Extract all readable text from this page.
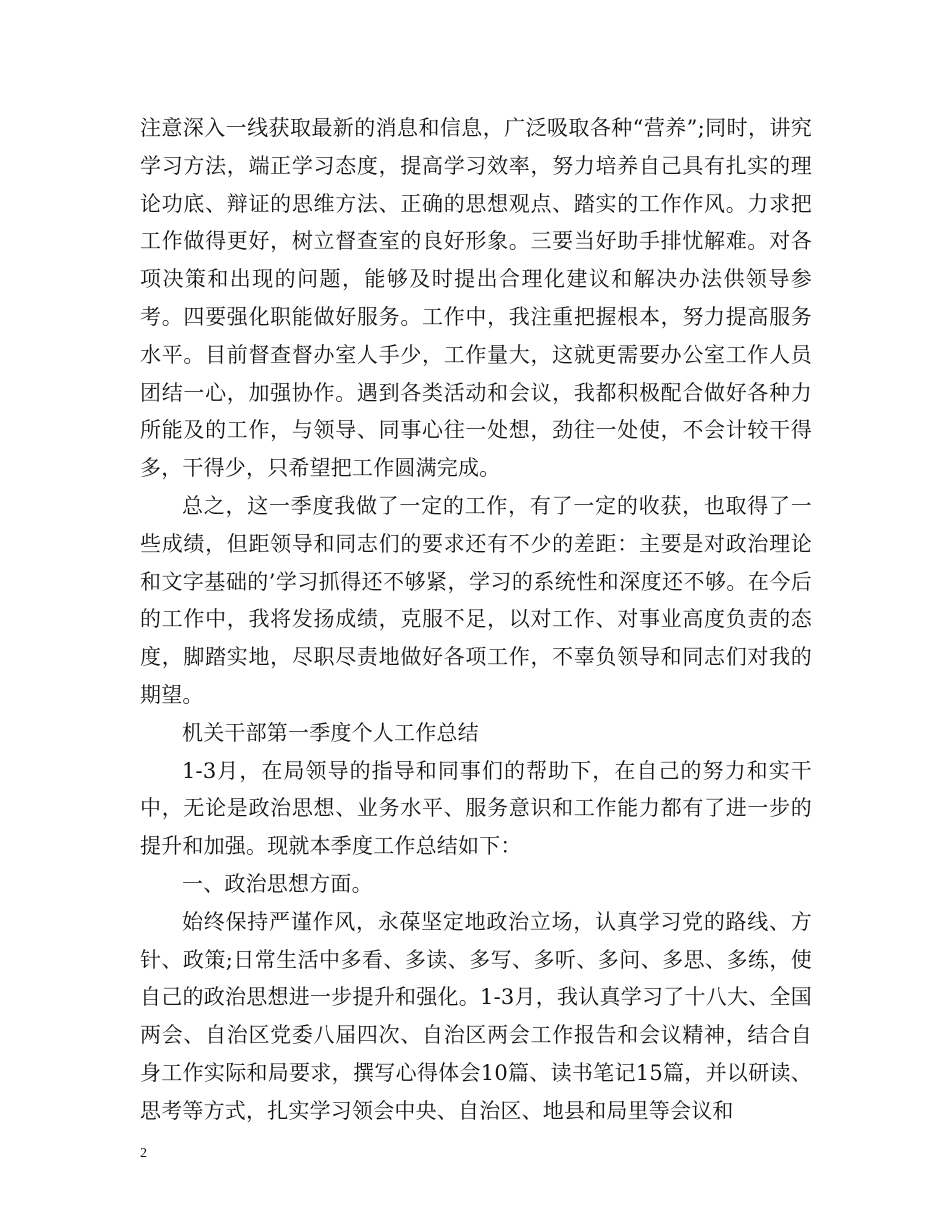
注意深入一线获取最新的消息和信息，广泛吸取各种“营养”;同时，讲究学习方法，端正学习态度，提高学习效率，努力培养自己具有扎实的理论功底、辩证的思维方法、正确的思想观点、踏实的工作作风。力求把工作做得更好，树立督查室的良好形象。三要当好助手排忧解难。对各项决策和出现的问题，能够及时提出合理化建议和解决办法供领导参考。四要强化职能做好服务。工作中，我注重把握根本，努力提高服务水平。目前督查督办室人手少，工作量大，这就更需要办公室工作人员团结一心，加强协作。遇到各类活动和会议，我都积极配合做好各种力所能及的工作，与领导、同事心往一处想，劲往一处使，不会计较干得多，干得少，只希望把工作圆满完成。

总之，这一季度我做了一定的工作，有了一定的收获，也取得了一些成绩，但距领导和同志们的要求还有不少的差距：主要是对政治理论和文字基础的’学习抓得还不够紧，学习的系统性和深度还不够。在今后的工作中，我将发扬成绩，克服不足，以对工作、对事业高度负责的态度，脚踏实地，尽职尽责地做好各项工作，不辜负领导和同志们对我的期望。

机关干部第一季度个人工作总结

1-3月，在局领导的指导和同事们的帮助下，在自己的努力和实干中，无论是政治思想、业务水平、服务意识和工作能力都有了进一步的提升和加强。现就本季度工作总结如下：

一、政治思想方面。

始终保持严谨作风，永葆坚定地政治立场，认真学习党的路线、方针、政策;日常生活中多看、多读、多写、多听、多问、多思、多练，使自己的政治思想进一步提升和强化。1-3月，我认真学习了十八大、全国两会、自治区党委八届四次、自治区两会工作报告和会议精神，结合自身工作实际和局要求，撰写心得体会10篇、读书笔记15篇，并以研读、思考等方式，扎实学习领会中央、自治区、地县和局里等会议和

2
